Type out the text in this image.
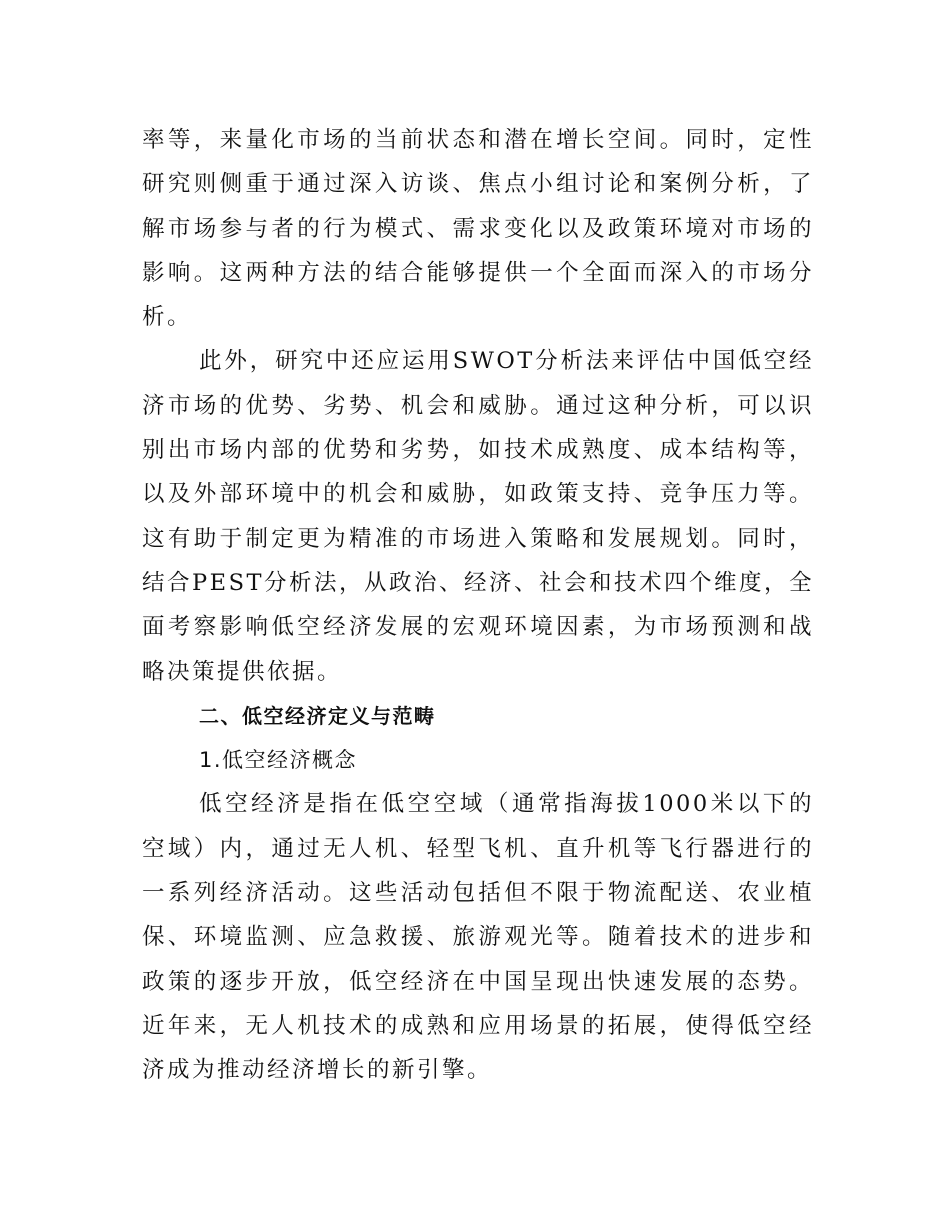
率等，来量化市场的当前状态和潜在增长空间。同时，定性研究则侧重于通过深入访谈、焦点小组讨论和案例分析，了解市场参与者的行为模式、需求变化以及政策环境对市场的影响。这两种方法的结合能够提供一个全面而深入的市场分析。

此外，研究中还应运用SWOT分析法来评估中国低空经济市场的优势、劣势、机会和威胁。通过这种分析，可以识别出市场内部的优势和劣势，如技术成熟度、成本结构等，以及外部环境中的机会和威胁，如政策支持、竞争压力等。这有助于制定更为精准的市场进入策略和发展规划。同时，结合PEST分析法，从政治、经济、社会和技术四个维度，全面考察影响低空经济发展的宏观环境因素，为市场预测和战略决策提供依据。

二、低空经济定义与范畴

1.低空经济概念

低空经济是指在低空空域（通常指海拔1000米以下的空域）内，通过无人机、轻型飞机、直升机等飞行器进行的一系列经济活动。这些活动包括但不限于物流配送、农业植保、环境监测、应急救援、旅游观光等。随着技术的进步和政策的逐步开放，低空经济在中国呈现出快速发展的态势。近年来，无人机技术的成熟和应用场景的拓展，使得低空经济成为推动经济增长的新引擎。
